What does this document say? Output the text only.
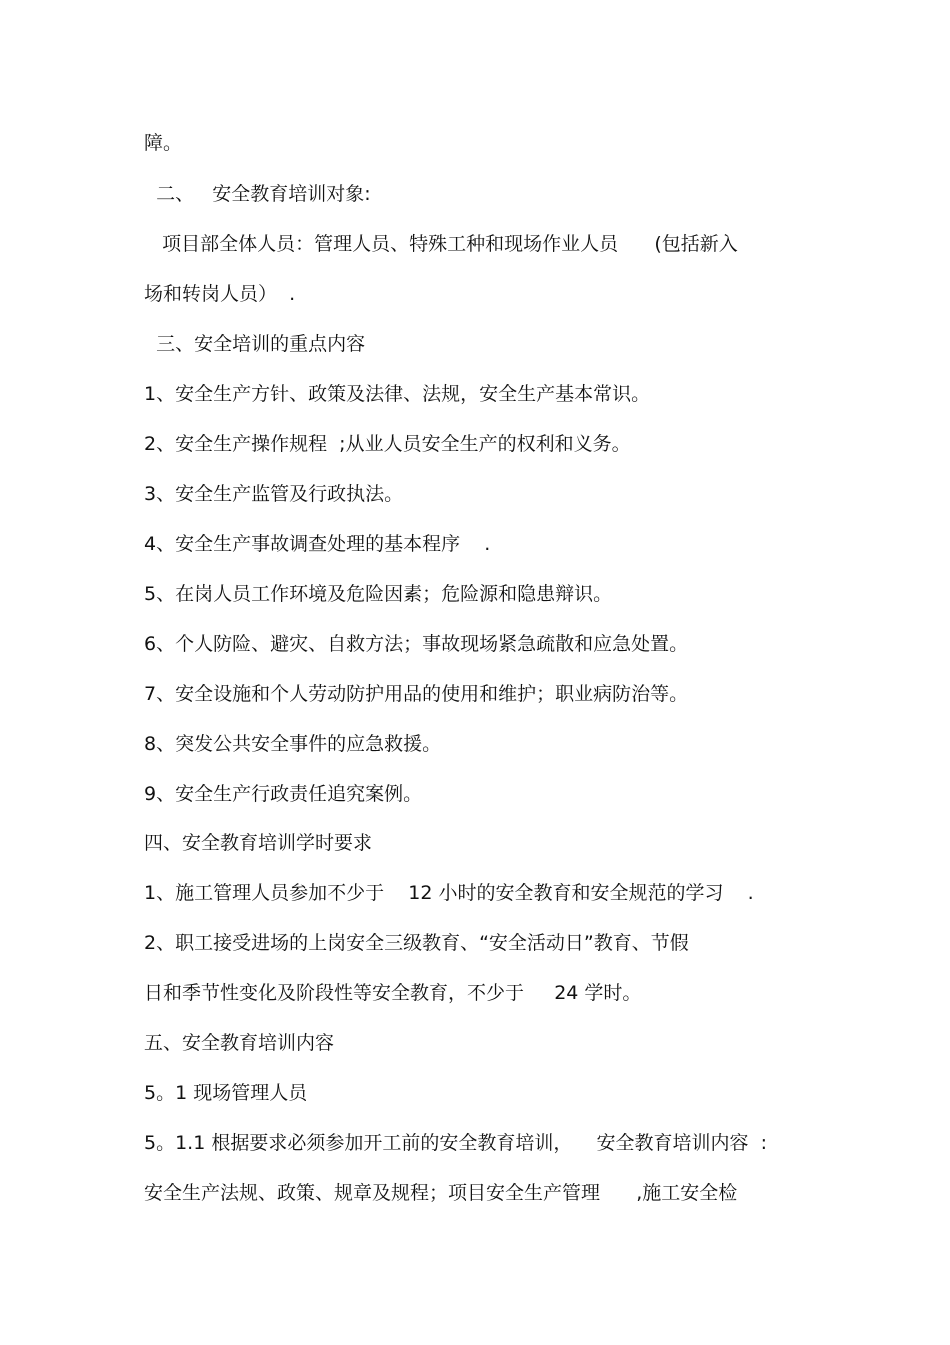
障。
二、   安全教育培训对象:
项目部全体人员：管理人员、特殊工种和现场作业人员      (包括新入
场和转岗人员）  .
三、安全培训的重点内容
1、安全生产方针、政策及法律、法规，安全生产基本常识。
2、安全生产操作规程  ;从业人员安全生产的权利和义务。
3、安全生产监管及行政执法。
4、安全生产事故调查处理的基本程序    .
5、在岗人员工作环境及危险因素；危险源和隐患辩识。
6、个人防险、避灾、自救方法；事故现场紧急疏散和应急处置。
7、安全设施和个人劳动防护用品的使用和维护；职业病防治等。
8、突发公共安全事件的应急救援。
9、安全生产行政责任追究案例。
四、安全教育培训学时要求
1、施工管理人员参加不少于    12 小时的安全教育和安全规范的学习    .
2、职工接受进场的上岗安全三级教育、“安全活动日”教育、节假
日和季节性变化及阶段性等安全教育，不少于     24 学时。
五、安全教育培训内容
5。1 现场管理人员
5。1.1 根据要求必须参加开工前的安全教育培训，    安全教育培训内容  :
安全生产法规、政策、规章及规程；项目安全生产管理      ,施工安全检
